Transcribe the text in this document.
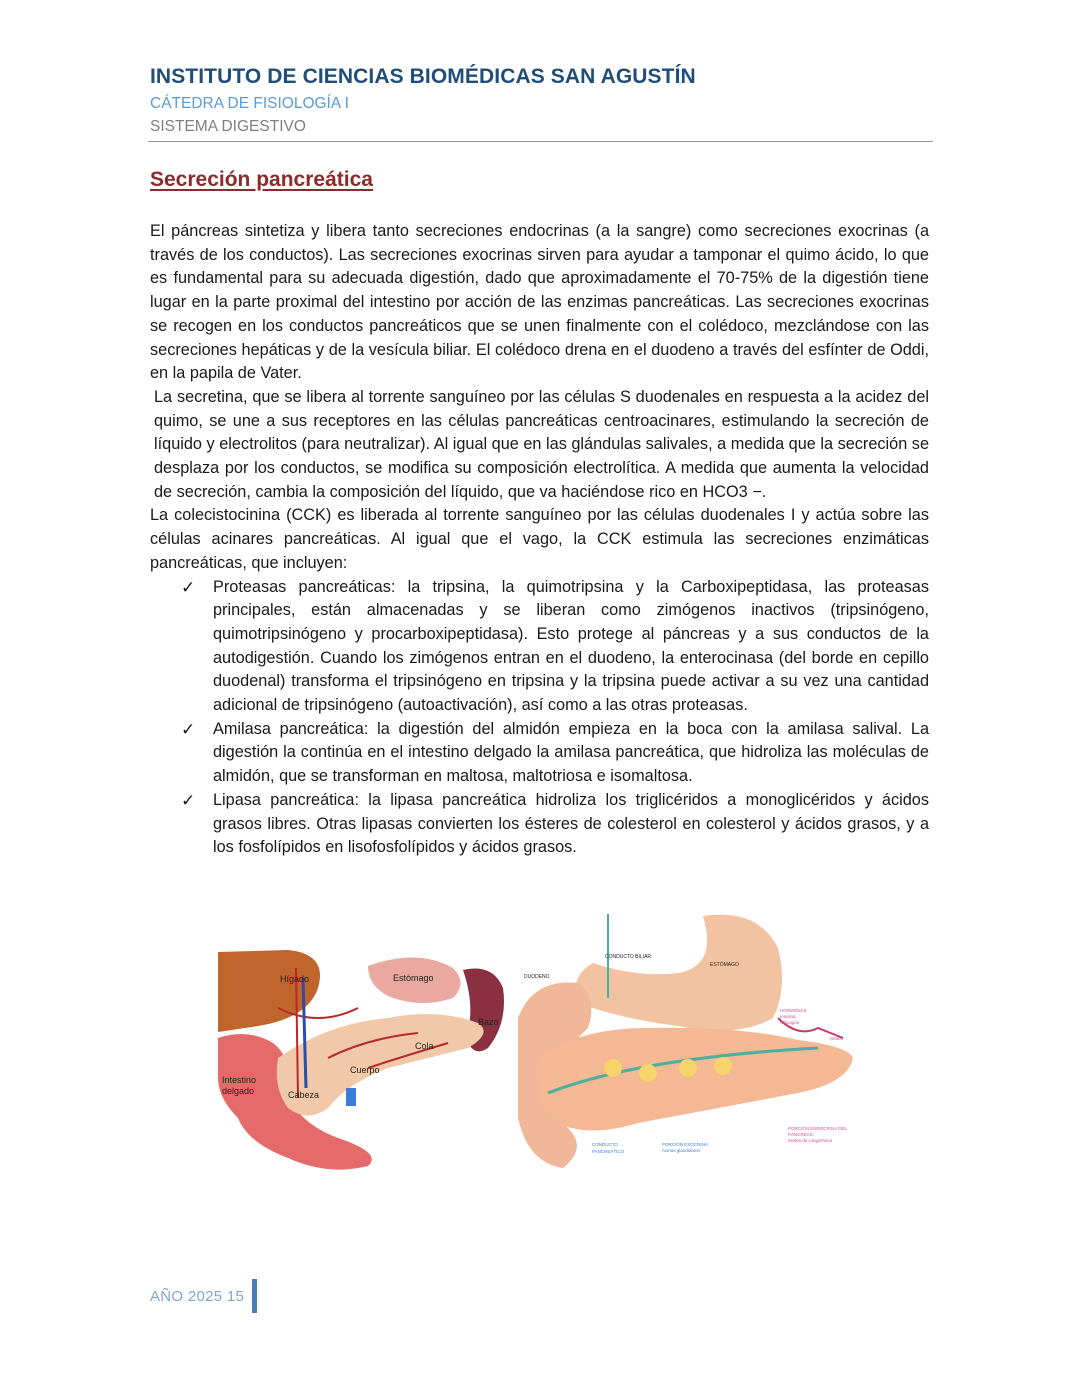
INSTITUTO DE CIENCIAS BIOMÉDICAS SAN AGUSTÍN
CÁTEDRA DE FISIOLOGÍA I
SISTEMA DIGESTIVO
Secreción pancreática

El páncreas sintetiza y libera tanto secreciones endocrinas (a la sangre) como secreciones exocrinas (a través de los conductos). Las secreciones exocrinas sirven para ayudar a tamponar el quimo ácido, lo que es fundamental para su adecuada digestión, dado que aproximadamente el 70-75% de la digestión tiene lugar en la parte proximal del intestino por acción de las enzimas pancreáticas. Las secreciones exocrinas se recogen en los conductos pancreáticos que se unen finalmente con el colédoco, mezclándose con las secreciones hepáticas y de la vesícula biliar. El colédoco drena en el duodeno a través del esfínter de Oddi, en la papila de Vater.

La secretina, que se libera al torrente sanguíneo por las células S duodenales en respuesta a la acidez del quimo, se une a sus receptores en las células pancreáticas centroacinares, estimulando la secreción de líquido y electrolitos (para neutralizar). Al igual que en las glándulas salivales, a medida que la secreción se desplaza por los conductos, se modifica su composición electrolítica. A medida que aumenta la velocidad de secreción, cambia la composición del líquido, que va haciéndose rico en HCO3 −.

La colecistocinina (CCK) es liberada al torrente sanguíneo por las células duodenales I y actúa sobre las células acinares pancreáticas. Al igual que el vago, la CCK estimula las secreciones enzimáticas pancreáticas, que incluyen:

✓ Proteasas pancreáticas: la tripsina, la quimotripsina y la Carboxipeptidasa, las proteasas principales, están almacenadas y se liberan como zimógenos inactivos (tripsinógeno, quimotripsinógeno y procarboxipeptidasa). Esto protege al páncreas y a sus conductos de la autodigestión. Cuando los zimógenos entran en el duodeno, la enterocinasa (del borde en cepillo duodenal) transforma el tripsinógeno en tripsina y la tripsina puede activar a su vez una cantidad adicional de tripsinógeno (autoactivación), así como a las otras proteasas.
✓ Amilasa pancreática: la digestión del almidón empieza en la boca con la amilasa salival. La digestión la continúa en el intestino delgado la amilasa pancreática, que hidroliza las moléculas de almidón, que se transforman en maltosa, maltotriosa e isomaltosa.
✓ Lipasa pancreática: la lipasa pancreática hidroliza los triglicéridos a monoglicéridos y ácidos grasos libres. Otras lipasas convierten los ésteres de colesterol en colesterol y ácidos grasos, y a los fosfolípidos en lisofosfolípidos y ácidos grasos.
Hígado	Estómago
Bazo
Cola
Cuerpo
Intestino
delgado	Cabeza
CONDUCTO BILIAR
ESTÓMAGO
DUODENO
HORMONAS
Insulina
Glucagón
Islotes
CONDUCTO
PANCREÁTICO
PORCIÓN EXOCRINA:
Acinos glandulares
PORCIÓN ENDOCRINA DEL
PÁNCREAS:
Islotes de Langerhans
AÑO 2025 15
